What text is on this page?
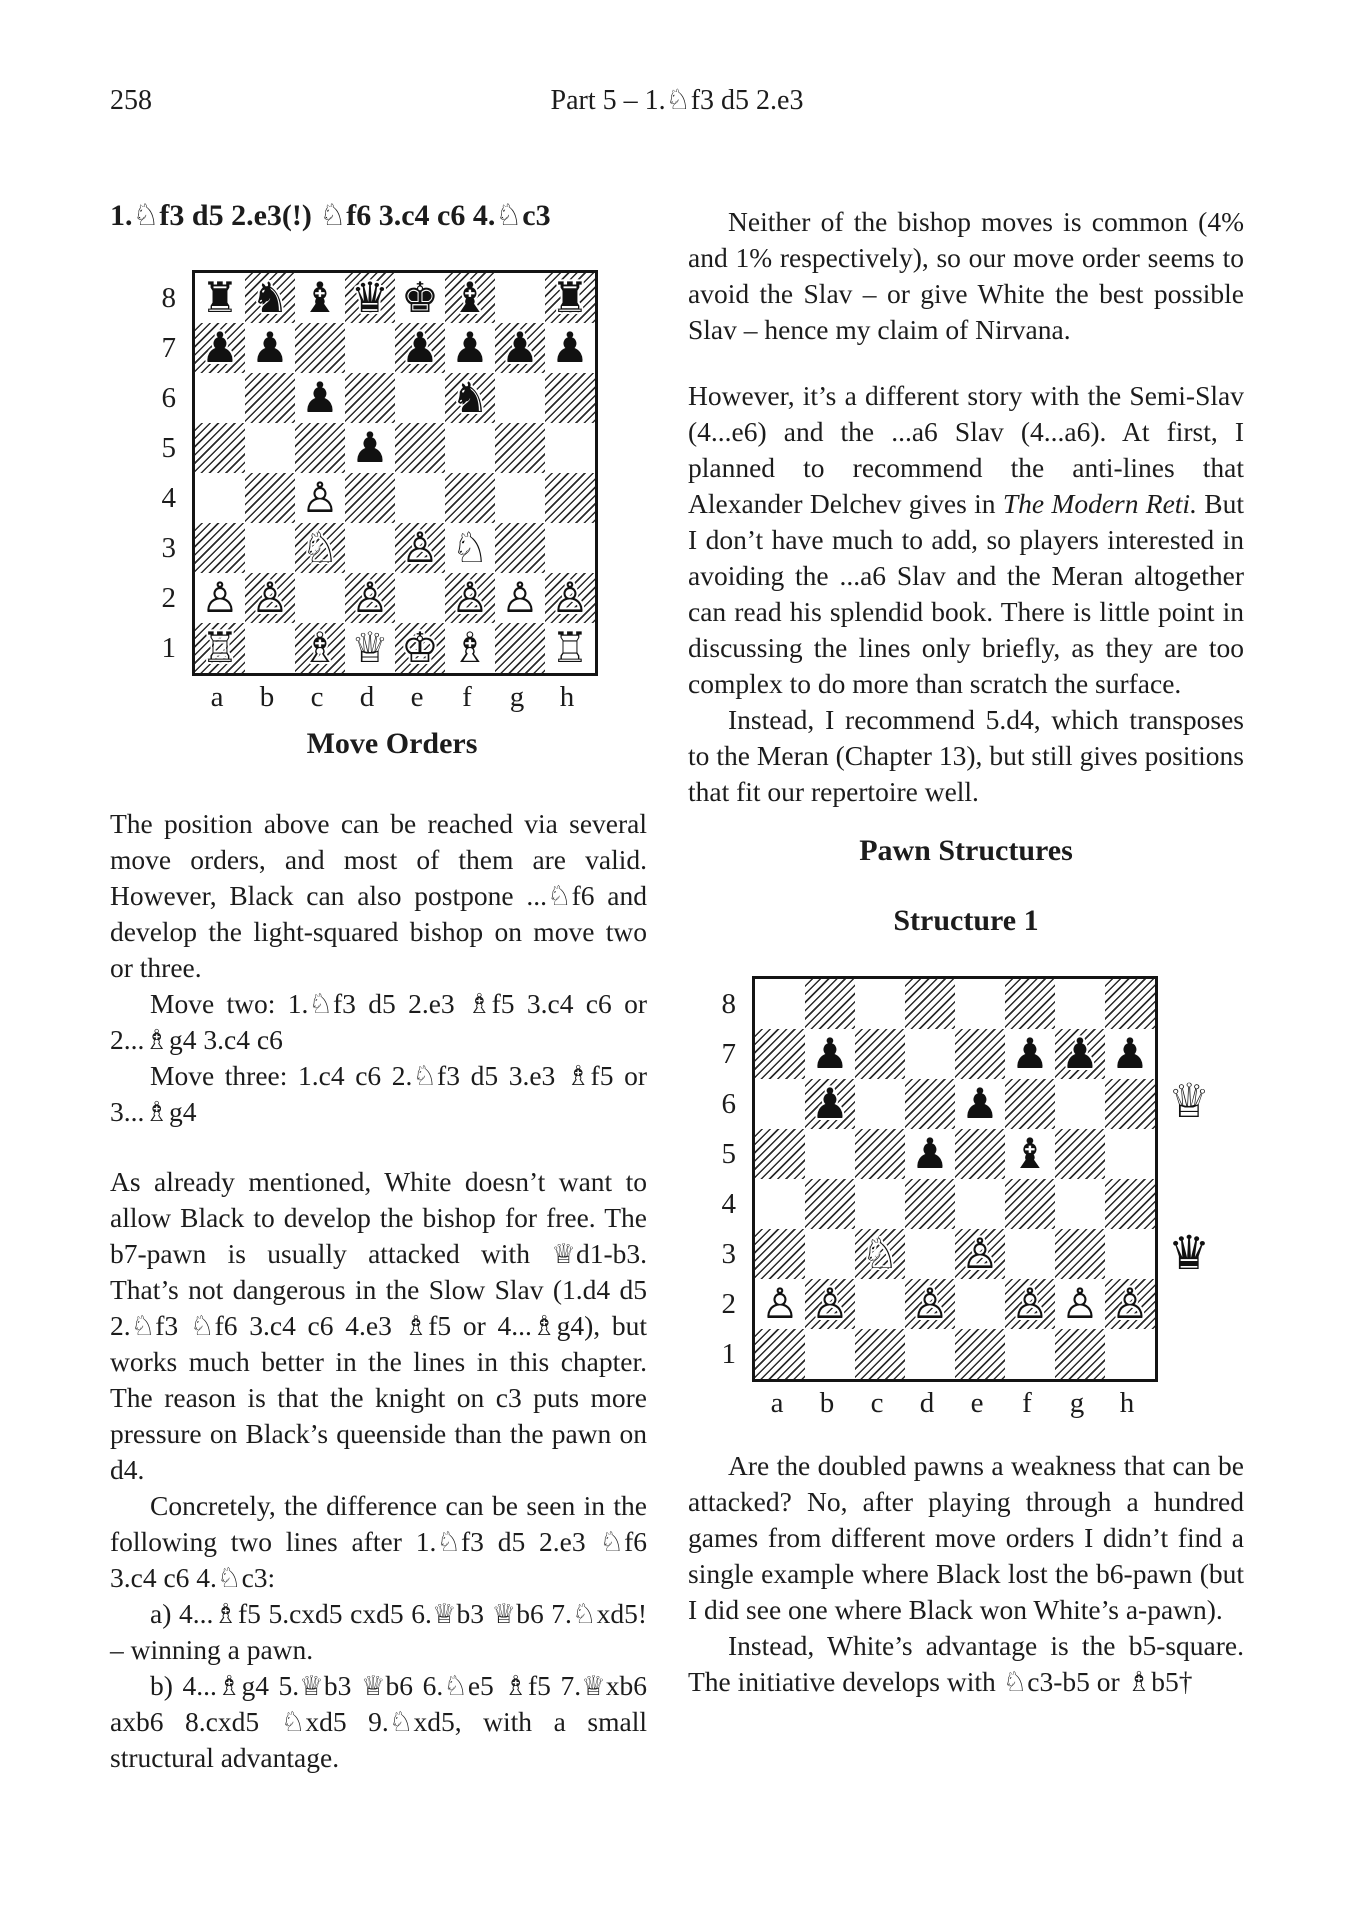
258	Part 5 – 1.♘f3 d5 2.e3
1.♘f3 d5 2.e3(!) ♘f6 3.c4 c6 4.♘c3
8
7
6
5
4
3
2
1
♜ ♞ ♝ ♛ ♚ ♝ ♜
♟ ♟	♟ ♟ ♟ ♟
♟	♞
♟
♙
♘ ♙ ♘
♙ ♙ ♙ ♙ ♙ ♙
♖ ♗ ♕ ♔ ♗ ♖
a	b	c	d	e	f	g	h
Move Orders

The position above can be reached via several move orders, and most of them are valid. However, Black can also postpone ...♘f6 and develop the light-squared bishop on move two or three.

Move two: 1.♘f3 d5 2.e3 ♗f5 3.c4 c6 or 2...♗g4 3.c4 c6

Move three: 1.c4 c6 2.♘f3 d5 3.e3 ♗f5 or 3...♗g4

As already mentioned, White doesn’t want to allow Black to develop the bishop for free. The b7-pawn is usually attacked with ♕d1-b3. That’s not dangerous in the Slow Slav (1.d4 d5 2.♘f3 ♘f6 3.c4 c6 4.e3 ♗f5 or 4...♗g4), but works much better in the lines in this chapter. The reason is that the knight on c3 puts more pressure on Black’s queenside than the pawn on d4.

Concretely, the difference can be seen in the following two lines after 1.♘f3 d5 2.e3 ♘f6 3.c4 c6 4.♘c3:

a) 4...♗f5 5.cxd5 cxd5 6.♕b3 ♕b6 7.♘xd5! – winning a pawn.

b) 4...♗g4 5.♕b3 ♕b6 6.♘e5 ♗f5 7.♕xb6 axb6 8.cxd5 ♘xd5 9.♘xd5, with a small structural advantage.

Neither of the bishop moves is common (4% and 1% respectively), so our move order seems to avoid the Slav – or give White the best possible Slav – hence my claim of Nirvana.

However, it’s a different story with the Semi-Slav (4...e6) and the ...a6 Slav (4...a6). At first, I planned to recommend the anti-lines that Alexander Delchev gives in The Modern Reti. But I don’t have much to add, so players interested in avoiding the ...a6 Slav and the Meran altogether can read his splendid book. There is little point in discussing the lines only briefly, as they are too complex to do more than scratch the surface.

Instead, I recommend 5.d4, which transposes to the Meran (Chapter 13), but still gives positions that fit our repertoire well.

Pawn Structures
Structure 1
8
7
6
5
4
3
2
1
♟	♟ ♟ ♟
♟	♟
♟ ♝
♘ ♙
♙ ♙ ♙ ♙ ♙ ♙
a	b	c	d	e	f	g	h
♕
♛

Are the doubled pawns a weakness that can be attacked? No, after playing through a hundred games from different move orders I didn’t find a single example where Black lost the b6-pawn (but I did see one where Black won White’s a-pawn).

Instead, White’s advantage is the b5-square. The initiative develops with ♘c3-b5 or ♗b5†
